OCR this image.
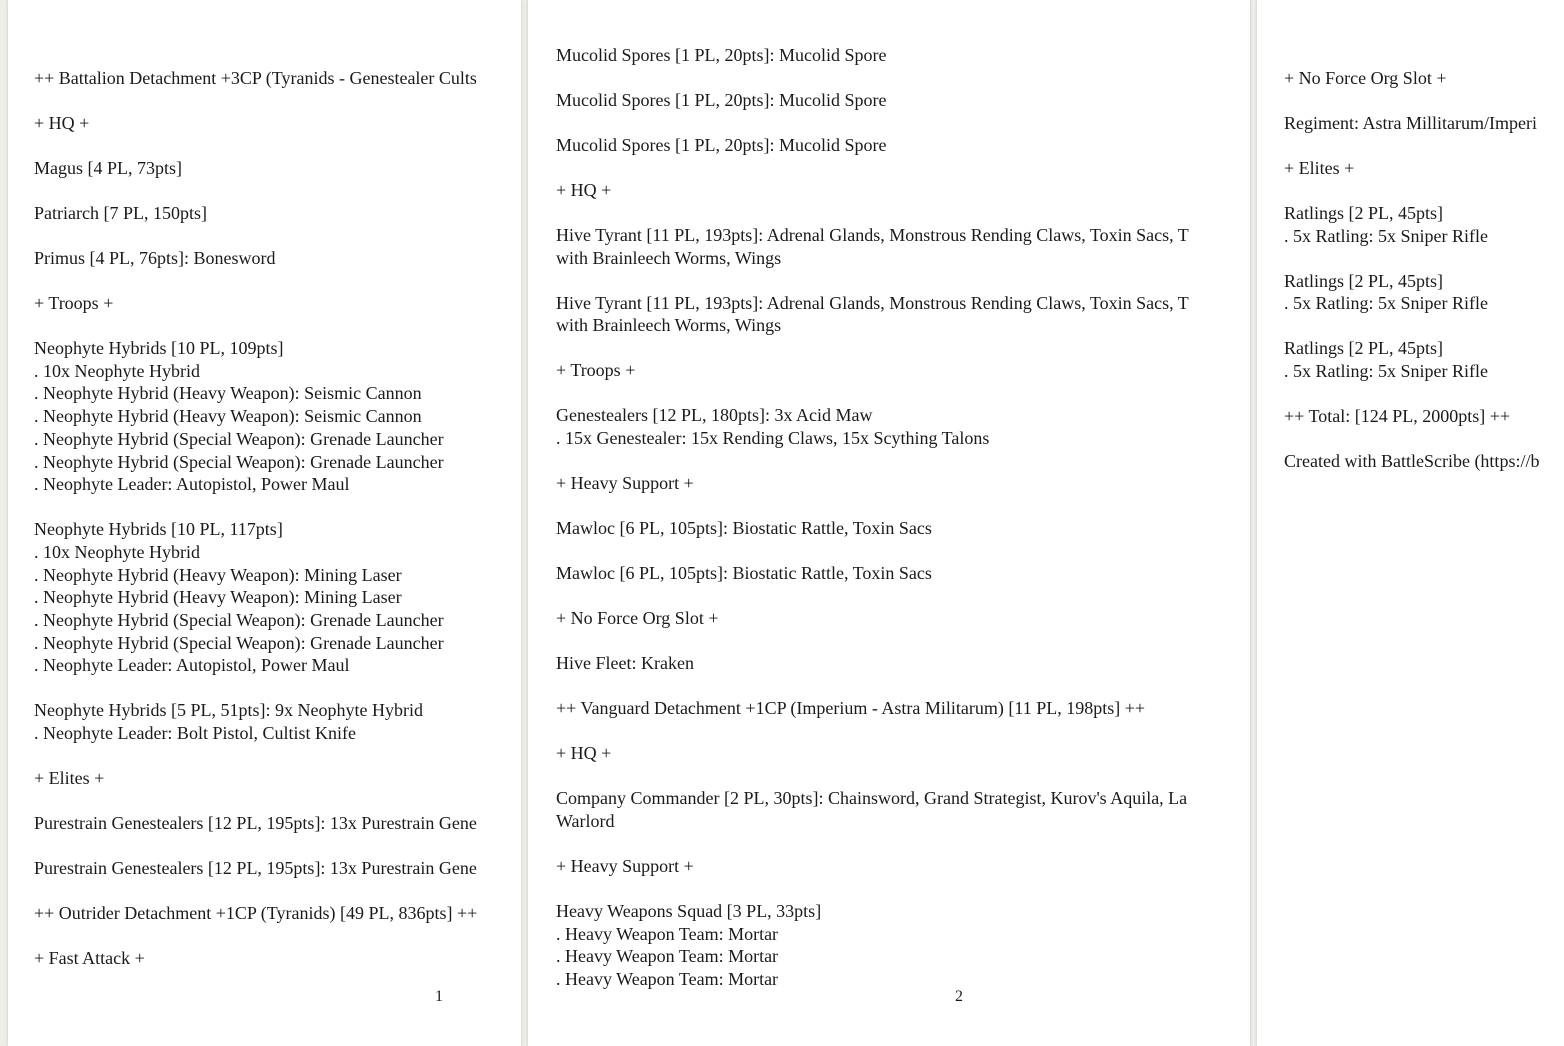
++ Battalion Detachment +3CP (Tyranids - Genestealer Cults
+ HQ +
Magus [4 PL, 73pts]
Patriarch [7 PL, 150pts]
Primus [4 PL, 76pts]: Bonesword
+ Troops +
Neophyte Hybrids [10 PL, 109pts]
. 10x Neophyte Hybrid
. Neophyte Hybrid (Heavy Weapon): Seismic Cannon
. Neophyte Hybrid (Heavy Weapon): Seismic Cannon
. Neophyte Hybrid (Special Weapon): Grenade Launcher
. Neophyte Hybrid (Special Weapon): Grenade Launcher
. Neophyte Leader: Autopistol, Power Maul
Neophyte Hybrids [10 PL, 117pts]
. 10x Neophyte Hybrid
. Neophyte Hybrid (Heavy Weapon): Mining Laser
. Neophyte Hybrid (Heavy Weapon): Mining Laser
. Neophyte Hybrid (Special Weapon): Grenade Launcher
. Neophyte Hybrid (Special Weapon): Grenade Launcher
. Neophyte Leader: Autopistol, Power Maul
Neophyte Hybrids [5 PL, 51pts]: 9x Neophyte Hybrid
. Neophyte Leader: Bolt Pistol, Cultist Knife
+ Elites +
Purestrain Genestealers [12 PL, 195pts]: 13x Purestrain Gene
Purestrain Genestealers [12 PL, 195pts]: 13x Purestrain Gene
++ Outrider Detachment +1CP (Tyranids) [49 PL, 836pts] ++
+ Fast Attack +
1
Mucolid Spores [1 PL, 20pts]: Mucolid Spore
Mucolid Spores [1 PL, 20pts]: Mucolid Spore
Mucolid Spores [1 PL, 20pts]: Mucolid Spore
+ HQ +
Hive Tyrant [11 PL, 193pts]: Adrenal Glands, Monstrous Rending Claws, Toxin Sacs, T
with Brainleech Worms, Wings
Hive Tyrant [11 PL, 193pts]: Adrenal Glands, Monstrous Rending Claws, Toxin Sacs, T
with Brainleech Worms, Wings
+ Troops +
Genestealers [12 PL, 180pts]: 3x Acid Maw
. 15x Genestealer: 15x Rending Claws, 15x Scything Talons
+ Heavy Support +
Mawloc [6 PL, 105pts]: Biostatic Rattle, Toxin Sacs
Mawloc [6 PL, 105pts]: Biostatic Rattle, Toxin Sacs
+ No Force Org Slot +
Hive Fleet: Kraken
++ Vanguard Detachment +1CP (Imperium - Astra Militarum) [11 PL, 198pts] ++
+ HQ +
Company Commander [2 PL, 30pts]: Chainsword, Grand Strategist, Kurov's Aquila, La
Warlord
+ Heavy Support +
Heavy Weapons Squad [3 PL, 33pts]
. Heavy Weapon Team: Mortar
. Heavy Weapon Team: Mortar
. Heavy Weapon Team: Mortar
2
+ No Force Org Slot +
Regiment: Astra Millitarum/Imperi
+ Elites +
Ratlings [2 PL, 45pts]
. 5x Ratling: 5x Sniper Rifle
Ratlings [2 PL, 45pts]
. 5x Ratling: 5x Sniper Rifle
Ratlings [2 PL, 45pts]
. 5x Ratling: 5x Sniper Rifle
++ Total: [124 PL, 2000pts] ++
Created with BattleScribe (https://b
